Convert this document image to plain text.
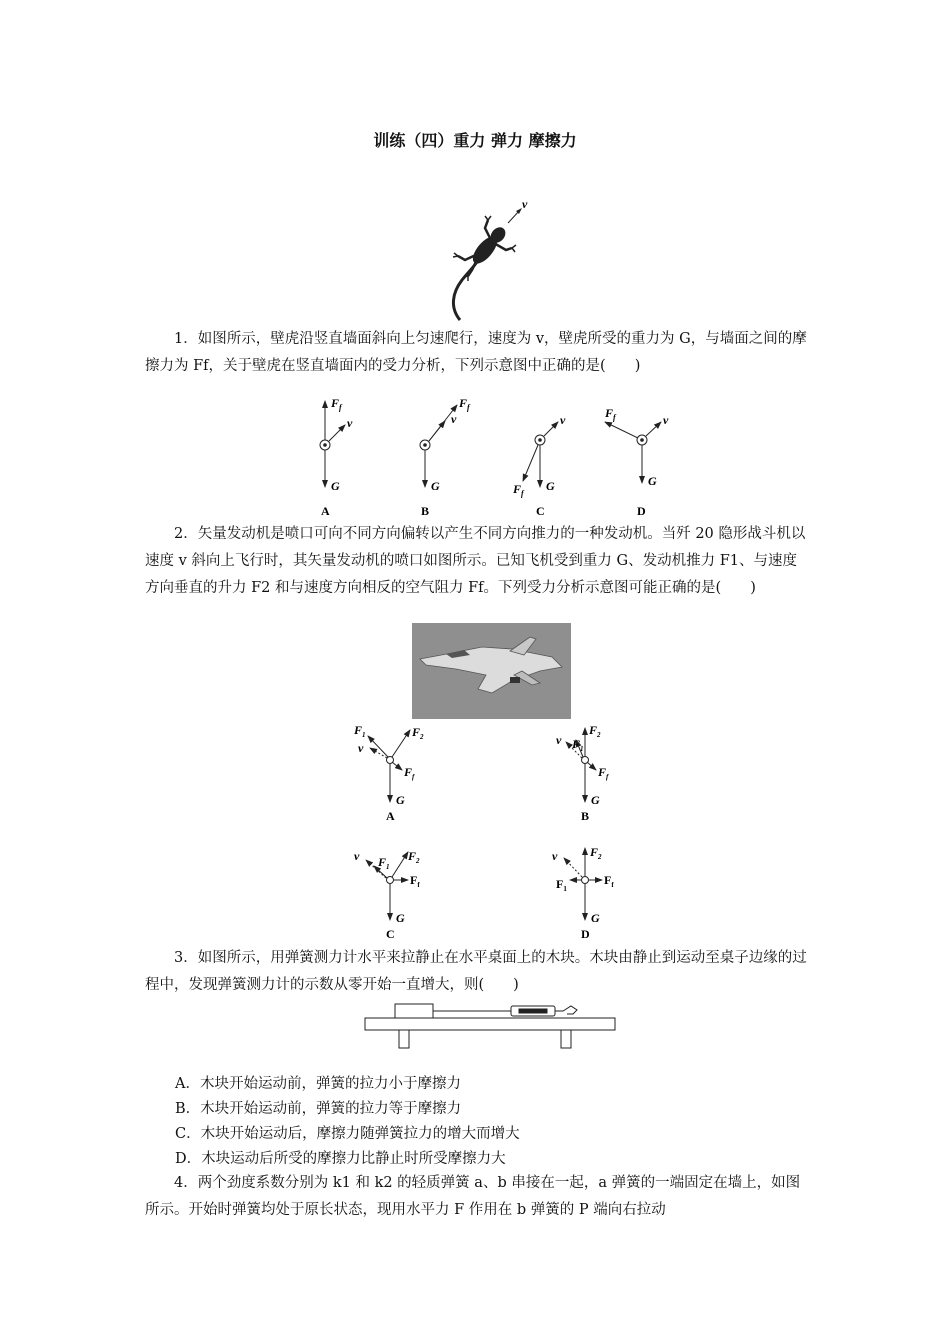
训练（四）重力 弹力 摩擦力
v
1．如图所示，壁虎沿竖直墙面斜向上匀速爬行，速度为 v，壁虎所受的重力为 G，与墙面之间的摩擦力为 Ff，关于壁虎在竖直墙面内的受力分析，下列示意图中正确的是(　　)
$F_f$
v
G
A
$F_f$
v
G
B
v
G
$F_f$
C
$F_f$	v
G
D
2．矢量发动机是喷口可向不同方向偏转以产生不同方向推力的一种发动机。当歼 20 隐形战斗机以速度 v 斜向上飞行时，其矢量发动机的喷口如图所示。已知飞机受到重力 G、发动机推力 F1、与速度方向垂直的升力 F2 和与速度方向相反的空气阻力 Ff。下列受力分析示意图可能正确的是(　　)
$F_1$	$F_2$
v
$F_f$
G
A
$F_2$
$F_1$
v
$F_f$
G
B
v $F_1$
$F_2$
$F_f$
G
C
v	$F_2$
$F_f$
$F_1$
G
D
3．如图所示，用弹簧测力计水平来拉静止在水平桌面上的木块。木块由静止到运动至桌子边缘的过程中，发现弹簧测力计的示数从零开始一直增大，则(　　)
A．木块开始运动前，弹簧的拉力小于摩擦力
B．木块开始运动前，弹簧的拉力等于摩擦力
C．木块开始运动后，摩擦力随弹簧拉力的增大而增大
D．木块运动后所受的摩擦力比静止时所受摩擦力大
4．两个劲度系数分别为 k1 和 k2 的轻质弹簧 a、b 串接在一起，a 弹簧的一端固定在墙上，如图所示。开始时弹簧均处于原长状态，现用水平力 F 作用在 b 弹簧的 P 端向右拉动
